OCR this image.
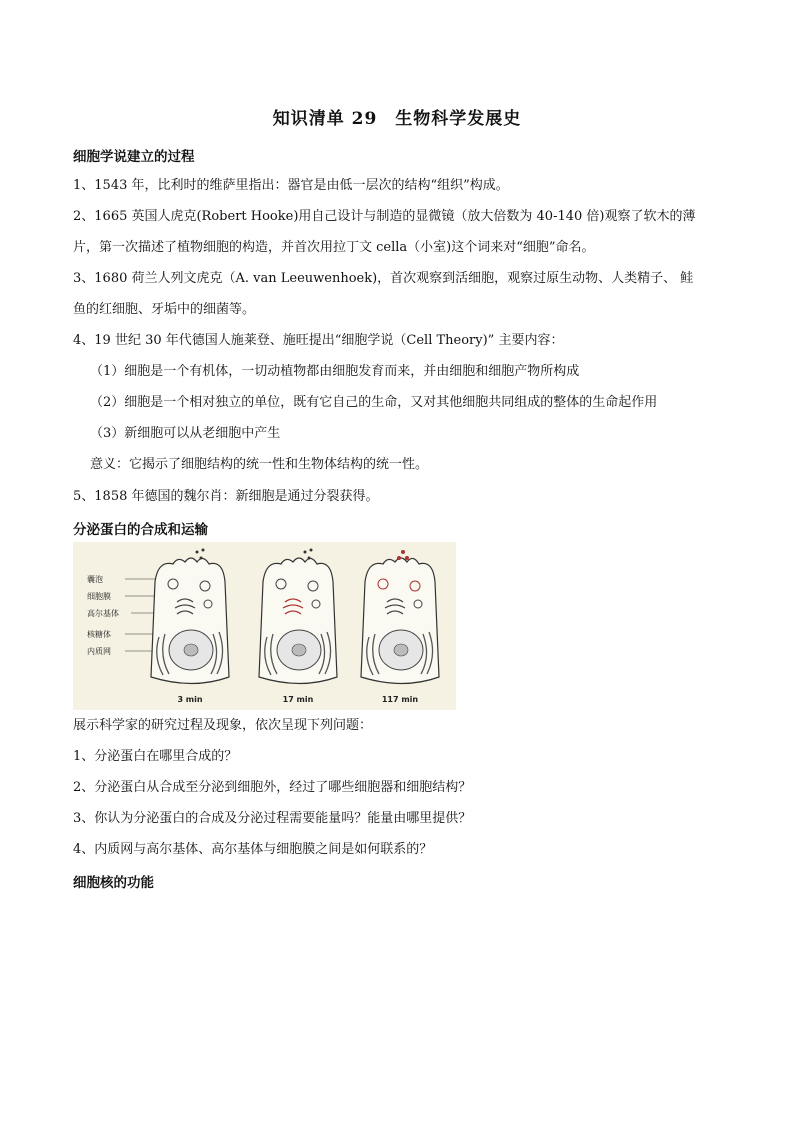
知识清单 29　生物科学发展史
细胞学说建立的过程
1、1543 年，比利时的维萨里指出：器官是由低一层次的结构“组织”构成。
2、1665 英国人虎克(Robert Hooke)用自己设计与制造的显微镜（放大倍数为 40-140 倍)观察了软木的薄
片，第一次描述了植物细胞的构造，并首次用拉丁文 cella（小室)这个词来对“细胞”命名。
3、1680 荷兰人列文虎克（A. van Leeuwenhoek)，首次观察到活细胞，观察过原生动物、人类精子、 鲑
鱼的红细胞、牙垢中的细菌等。
4、19 世纪 30 年代德国人施莱登、施旺提出“细胞学说（Cell Theory)” 主要内容：
（1）细胞是一个有机体，一切动植物都由细胞发育而来，并由细胞和细胞产物所构成
（2）细胞是一个相对独立的单位，既有它自己的生命，又对其他细胞共同组成的整体的生命起作用
（3）新细胞可以从老细胞中产生
意义：它揭示了细胞结构的统一性和生物体结构的统一性。
5、1858 年德国的魏尔肖：新细胞是通过分裂获得。
分泌蛋白的合成和运输
囊泡
细胞膜
高尔基体
核糖体
内质网
3 min	17 min	117 min
展示科学家的研究过程及现象，依次呈现下列问题：
1、分泌蛋白在哪里合成的？
2、分泌蛋白从合成至分泌到细胞外，经过了哪些细胞器和细胞结构？
3、你认为分泌蛋白的合成及分泌过程需要能量吗？能量由哪里提供？
4、内质网与高尔基体、高尔基体与细胞膜之间是如何联系的？
细胞核的功能
